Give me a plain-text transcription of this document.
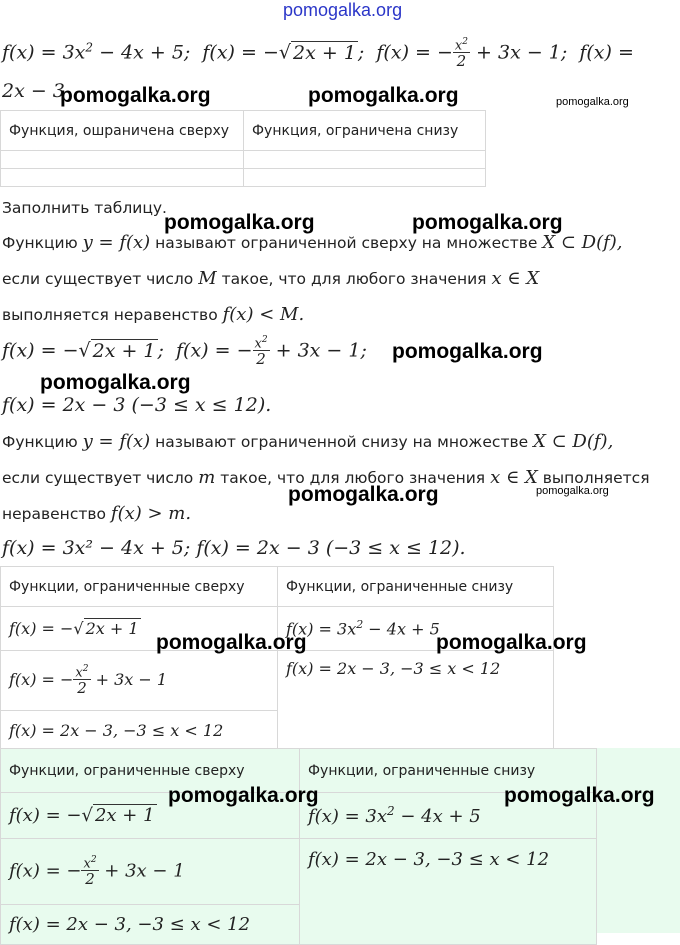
pomogalka.org
$f(x) = 3x^2 - 4x + 5$;  f(x) = −√ 2x + 1 ;  f(x) = − $\frac{x^2}{2} + 3x - 1$;  f(x) =
2x − 3
Функция, ошраничена сверху	Функция, ограничена снизу

Заполнить таблицу.
Функцию y = f(x) называют ограниченной сверху на множестве X ⊂ D(f),
если существует число M такое, что для любого значения x ∈ X
выполняется неравенство f(x) < M.
f(x) = −√ 2x + 1 ;  f(x) = − $\frac{x^2}{2} + 3x - 1$;
f(x) = 2x − 3 (−3 ≤ x ≤ 12).
Функцию y = f(x) называют ограниченной снизу на множестве X ⊂ D(f),
если существует число m такое, что для любого значения x ∈ X выполняется
неравенство f(x) > m.
f(x) = 3x² − 4x + 5; f(x) = 2x − 3 (−3 ≤ x ≤ 12).
Функции, ограниченные сверху	Функции, ограниченные снизу
f(x) = −√ 2x + 1	$f(x) = 3x^2 - 4x + 5$
f(x) = − $\frac{x^2}{2} + 3x - 1$	f(x) = 2x − 3, −3 ≤ x < 12
f(x) = 2x − 3, −3 ≤ x < 12	
Функции, ограниченные сверху	Функции, ограниченные снизу
f(x) = −√ 2x + 1	$f(x) = 3x^2 - 4x + 5$
f(x) = − $\frac{x^2}{2} + 3x - 1$	f(x) = 2x − 3, −3 ≤ x < 12
f(x) = 2x − 3, −3 ≤ x < 12	
pomogalka.org	pomogalka.org	pomogalka.org
pomogalka.org	pomogalka.org
pomogalka.org
pomogalka.org
pomogalka.org	pomogalka.org
pomogalka.org	pomogalka.org
pomogalka.org	pomogalka.org
